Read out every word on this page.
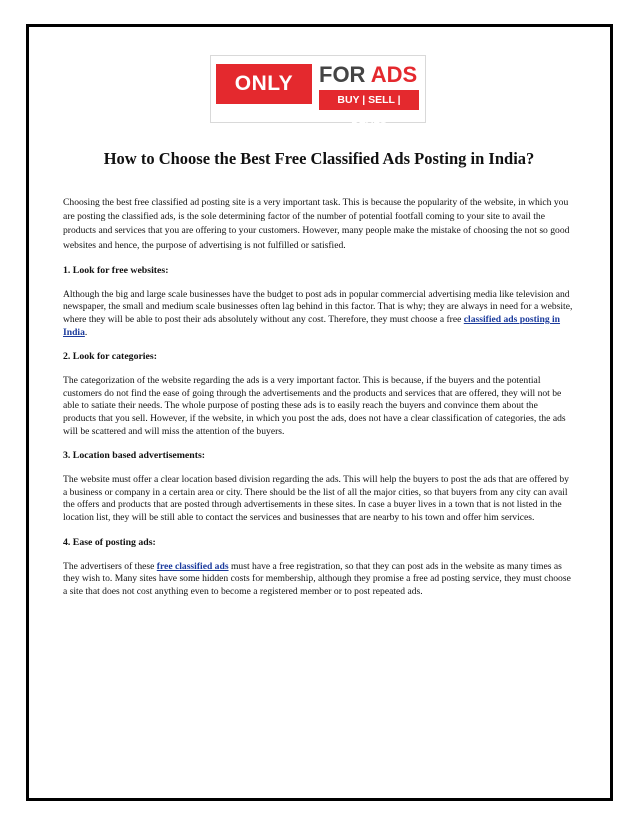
ONLY	FOR ADS
BUY | SELL | DEALS
How to Choose the Best Free Classified Ads Posting in India?

Choosing the best free classified ad posting site is a very important task. This is because the popularity of the website, in which you are posting the classified ads, is the sole determining factor of the number of potential footfall coming to your site to avail the products and services that you are offering to your customers. However, many people make the mistake of choosing the not so good websites and hence, the purpose of advertising is not fulfilled or satisfied.

1. Look for free websites:

Although the big and large scale businesses have the budget to post ads in popular commercial advertising media like television and newspaper, the small and medium scale businesses often lag behind in this factor. That is why; they are always in need for a website, where they will be able to post their ads absolutely without any cost. Therefore, they must choose a free classified ads posting in India.

2. Look for categories:

The categorization of the website regarding the ads is a very important factor. This is because, if the buyers and the potential customers do not find the ease of going through the advertisements and the products and services that are offered, they will not be able to satiate their needs. The whole purpose of posting these ads is to easily reach the buyers and convince them about the products that you sell. However, if the website, in which you post the ads, does not have a clear classification of categories, the ads will be scattered and will miss the attention of the buyers.

3. Location based advertisements:

The website must offer a clear location based division regarding the ads. This will help the buyers to post the ads that are offered by a business or company in a certain area or city. There should be the list of all the major cities, so that buyers from any city can avail the offers and products that are posted through advertisements in these sites. In case a buyer lives in a town that is not listed in the location list, they will be still able to contact the services and businesses that are nearby to his town and offer him services.

4. Ease of posting ads:

The advertisers of these free classified ads must have a free registration, so that they can post ads in the website as many times as they wish to. Many sites have some hidden costs for membership, although they promise a free ad posting service, they must choose a site that does not cost anything even to become a registered member or to post repeated ads.
